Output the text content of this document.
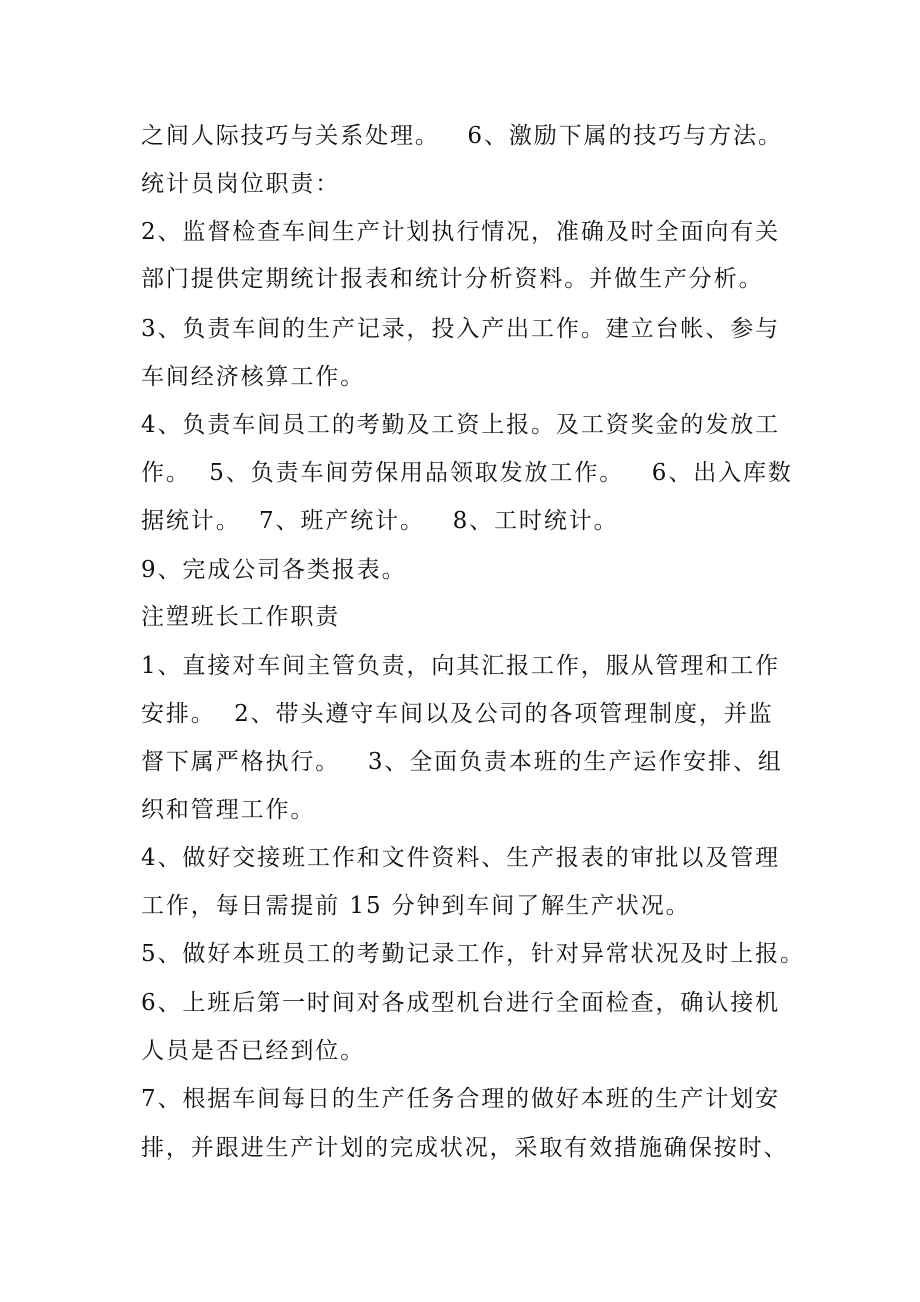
之间人际技巧与关系处理。   6、激励下属的技巧与方法。
统计员岗位职责：
2、监督检查车间生产计划执行情况，准确及时全面向有关
部门提供定期统计报表和统计分析资料。并做生产分析。
3、负责车间的生产记录，投入产出工作。建立台帐、参与
车间经济核算工作。
4、负责车间员工的考勤及工资上报。及工资奖金的发放工
作。  5、负责车间劳保用品领取发放工作。   6、出入库数
据统计。  7、班产统计。   8、工时统计。
9、完成公司各类报表。
注塑班长工作职责
1、直接对车间主管负责，向其汇报工作，服从管理和工作
安排。  2、带头遵守车间以及公司的各项管理制度，并监
督下属严格执行。   3、全面负责本班的生产运作安排、组
织和管理工作。
4、做好交接班工作和文件资料、生产报表的审批以及管理
工作，每日需提前 15 分钟到车间了解生产状况。
5、做好本班员工的考勤记录工作，针对异常状况及时上报。
6、上班后第一时间对各成型机台进行全面检查，确认接机
人员是否已经到位。
7、根据车间每日的生产任务合理的做好本班的生产计划安
排，并跟进生产计划的完成状况，采取有效措施确保按时、
